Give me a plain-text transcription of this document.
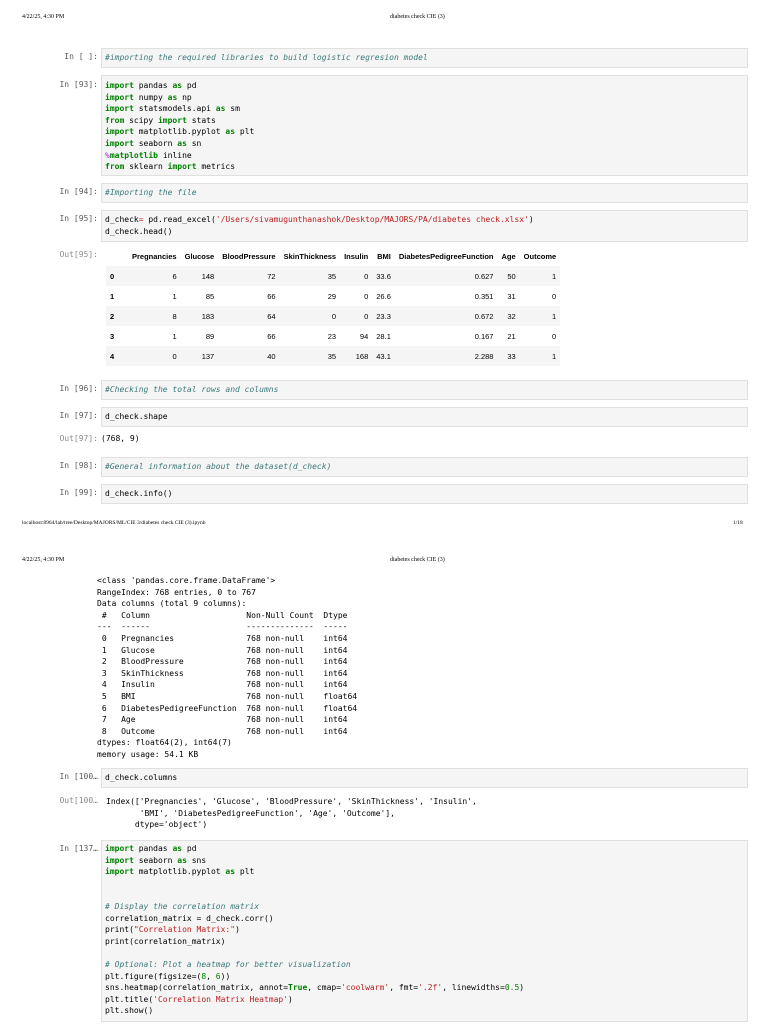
4/22/25, 4:30 PM	diabetes check CIE (3)
In [ ]: #importing the required libraries to build logistic regresion model
In [93]: import pandas as pd
import numpy as np
import statsmodels.api as sm
from scipy import stats
import matplotlib.pyplot as plt
import seaborn as sn
%matplotlib inline
from sklearn import metrics
In [94]: #Importing the file
In [95]: d_check= pd.read_excel('/Users/sivamugunthanashok/Desktop/MAJORS/PA/diabetes check.xlsx')
d_check.head()
Out[95]:
		Pregnancies	Glucose	BloodPressure	SkinThickness	Insulin	BMI	DiabetesPedigreeFunction	Age	Outcome
0	6	148	72	35	0	33.6	0.627	50	1
1	1	85	66	29	0	26.6	0.351	31	0
2	8	183	64	0	0	23.3	0.672	32	1
3	1	89	66	23	94	28.1	0.167	21	0
4	0	137	40	35	168	43.1	2.288	33	1
In [96]: #Checking the total rows and columns
In [97]: d_check.shape
Out[97]: (768, 9)
In [98]: #General information about the dataset(d_check)
In [99]: d_check.info()
localhost:8964/lab/tree/Desktop/MAJORS/ML/CIE 3/diabetes check CIE (3).ipynb	1/18
4/22/25, 4:30 PM	diabetes check CIE (3)
<class 'pandas.core.frame.DataFrame'>
RangeIndex: 768 entries, 0 to 767
Data columns (total 9 columns):
#   Column                    Non-Null Count  Dtype
---  ------                    --------------  -----
0   Pregnancies               768 non-null    int64
1   Glucose                   768 non-null    int64
2   BloodPressure             768 non-null    int64
3   SkinThickness             768 non-null    int64
4   Insulin                   768 non-null    int64
5   BMI                       768 non-null    float64
6   DiabetesPedigreeFunction  768 non-null    float64
7   Age                       768 non-null    int64
8   Outcome                   768 non-null    int64
dtypes: float64(2), int64(7)
memory usage: 54.1 KB
In [100… d_check.columns
Out[100… Index(['Pregnancies', 'Glucose', 'BloodPressure', 'SkinThickness', 'Insulin',
'BMI', 'DiabetesPedigreeFunction', 'Age', 'Outcome'],
dtype='object')
In [137… import pandas as pd
import seaborn as sns
import matplotlib.pyplot as plt

# Display the correlation matrix
correlation_matrix = d_check.corr()
print("Correlation Matrix:")
print(correlation_matrix)

# Optional: Plot a heatmap for better visualization
plt.figure(figsize=(8, 6))
sns.heatmap(correlation_matrix, annot=True, cmap='coolwarm', fmt='.2f', linewidths=0.5)
plt.title('Correlation Matrix Heatmap')
plt.show()
